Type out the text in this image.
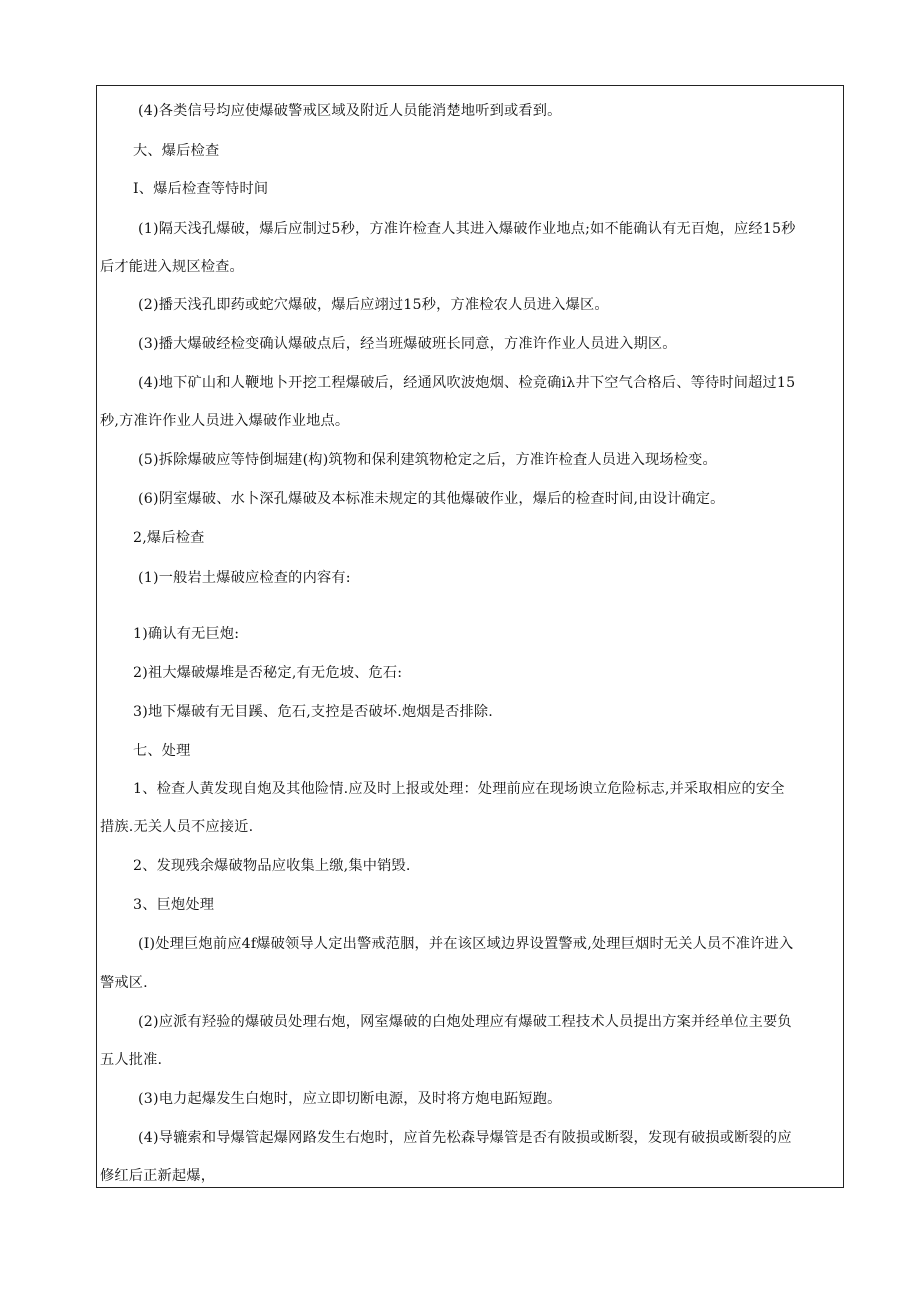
(4)各类信号均应使爆破警戒区域及附近人员能消楚地听到或看到。
大、爆后检查
I、爆后检查等恃时间
(1)隔天浅孔爆破，爆后应制过5秒，方准许检查人其进入爆破作业地点;如不能确认有无百炮，应经15秒
后才能进入规区检查。
(2)播天浅孔即药或蛇穴爆破，爆后应翊过15秒，方准检农人员进入爆区。
(3)播大爆破经检变确认爆破点后，经当班爆破班长同意，方准许作业人员进入期区。
(4)地下矿山和人鞭地卜开挖工程爆破后，经通风吹波炮烟、检竞确iλ井下空气合格后、等待时间超过15
秒,方准许作业人员进入爆破作业地点。
(5)拆除爆破应等恃倒堀建(构)筑物和保利建筑物枪定之后，方准许检査人员进入现场检变。
(6)阴室爆破、水卜深孔爆破及本标准未规定的其他爆破作业，爆后的检查时间,由设计确定。
2,爆后检查
(1)一般岩土爆破应检查的内容有:
1)确认有无巨炮:
2)祖大爆破爆堆是否秘定,有无危坡、危石:
3)地下爆破有无目蹊、危石,支控是否破坏.炮烟是否排除.
七、处理
1、检查人黄发现自炮及其他险情.应及时上报或处理：处理前应在现场谀立危险标志,并采取相应的安全
措族.无关人员不应接近.
2、发现残余爆破物品应收集上缴,集中销毁.
3、巨炮处理
(I)处理巨炮前应4f爆破领导人定出警戒范胭，并在该区域边界设置警戒,处理巨烟时无关人员不准许进入
警戒区.
(2)应派有羟验的爆破员处理右炮，网室爆破的白炮处理应有爆破工程技术人员提出方案并经单位主要负
五人批准.
(3)电力起爆发生白炮时，应立即切断电源，及时将方炮电跖短跑。
(4)导辘索和导爆管起爆网路发生右炮时，应首先松森导爆管是否有陂损或断裂，发现有破损或断裂的应
修红后正新起爆，
